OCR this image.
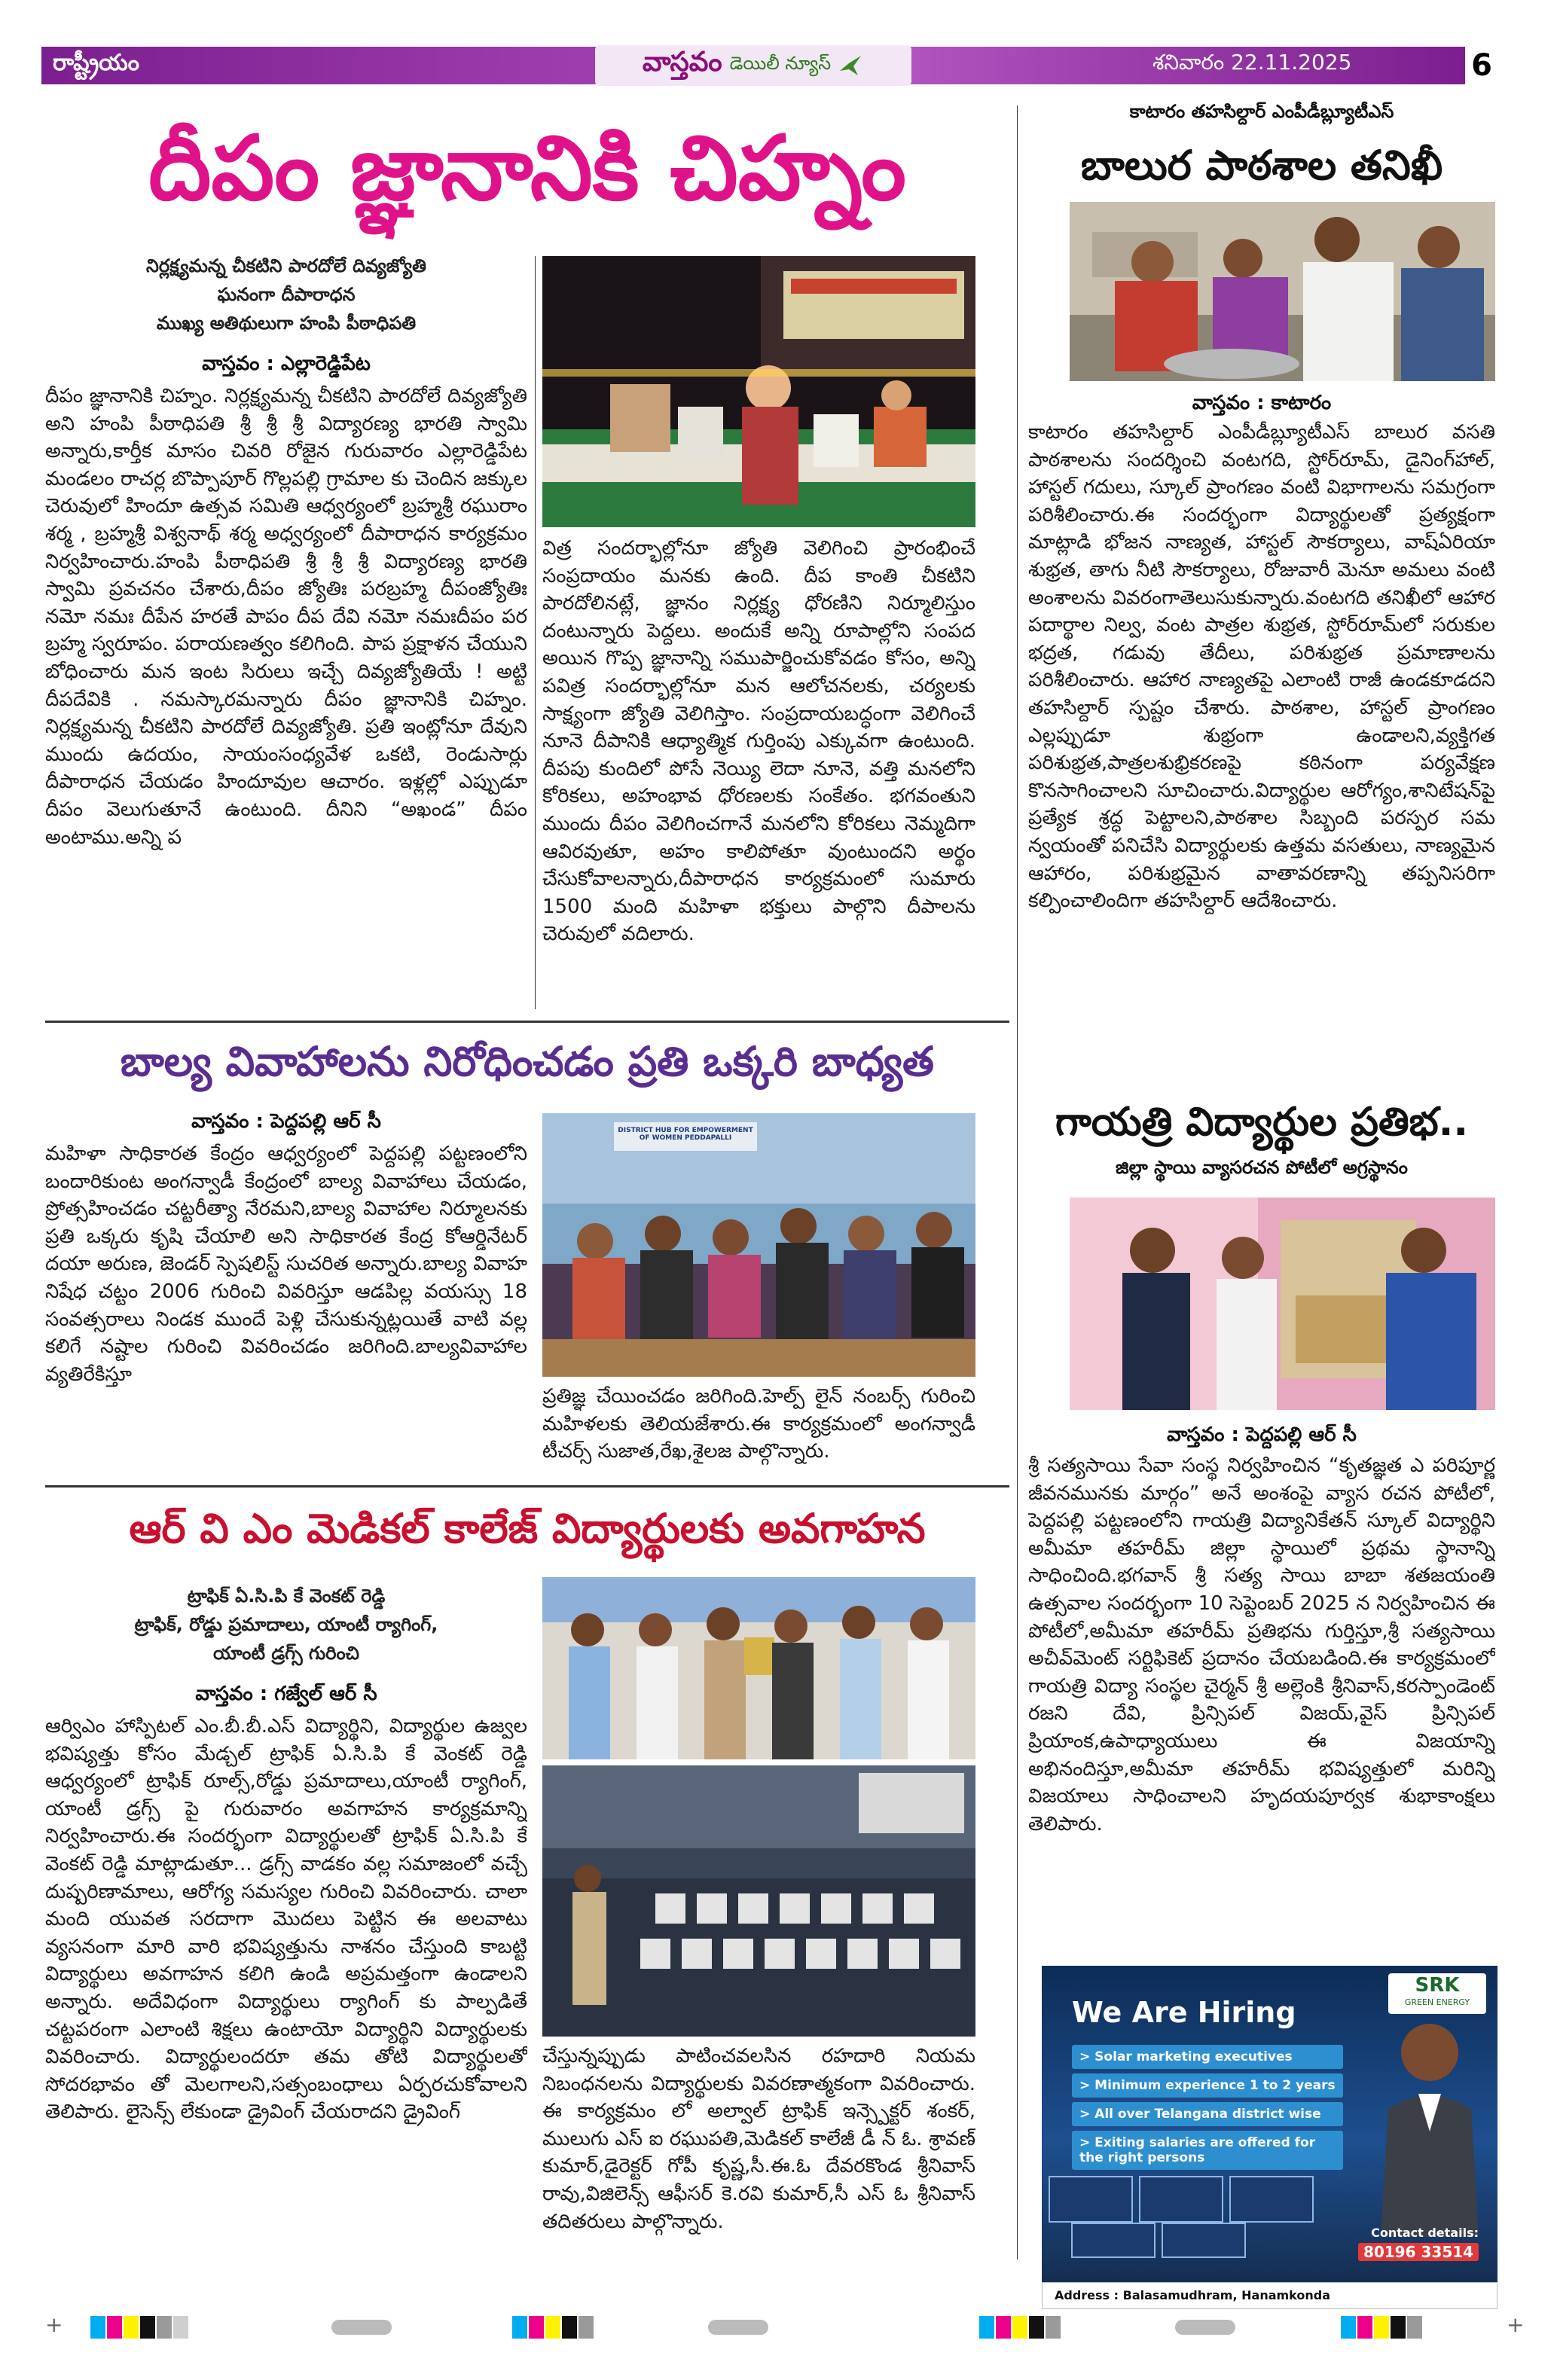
రాష్ట్రీయం	వాస్తవం డెయిలీ న్యూస్	శనివారం 22.11.2025	6
దీపం జ్ఞానానికి చిహ్నం
నిర్లక్ష్యమన్న చీకటిని పారదోలే దివ్యజ్యోతి
ఘనంగా దీపారాధన
ముఖ్య అతిథులుగా హంపి పీఠాధిపతి
వాస్తవం : ఎల్లారెడ్డిపేట
దీపం జ్ఞానానికి చిహ్నం. నిర్లక్ష్యమన్న చీకటిని పారదోలే దివ్యజ్యోతి అని హంపి పీఠాధిపతి శ్రీ శ్రీ శ్రీ విద్యారణ్య భారతి స్వామి అన్నారు,కార్తీక మాసం చివరి రోజైన గురువారం ఎల్లారెడ్డిపేట మండలం రాచర్ల బొప్పాపూర్ గొల్లపల్లి గ్రామాల కు చెందిన జక్కుల చెరువులో హిందూ ఉత్సవ సమితి ఆధ్వర్యంలో బ్రహ్మశ్రీ రఘురాం శర్మ , బ్రహ్మశ్రీ విశ్వనాథ్ శర్మ అధ్వర్యంలో దీపారాధన కార్యక్రమం నిర్వహించారు.హంపి పీఠాధిపతి శ్రీ శ్రీ శ్రీ విద్యారణ్య భారతి స్వామి ప్రవచనం చేశారు,దీపం జ్యోతిః పరబ్రహ్మ దీపంజ్యోతిః నమో నమః దీపేన హరతే పాపం దీప దేవి నమో నమఃదీపం పర బ్రహ్మ స్వరూపం. పరాయణత్వం కలిగింది. పాప ప్రక్షాళన చేయుని బోధించారు మన ఇంట సిరులు ఇచ్చే దివ్యజ్యోతియే ! అట్టి దీపదేవికి . నమస్కారమన్నారు దీపం జ్ఞానానికి చిహ్నం. నిర్లక్ష్యమన్న చీకటిని పారదోలే దివ్యజ్యోతి. ప్రతి ఇంట్లోనూ దేవుని ముందు ఉదయం, సాయంసంధ్యవేళ ఒకటి, రెండుసార్లు దీపారాధన చేయడం హిందూవుల ఆచారం. ఇళ్లల్లో ఎప్పుడూ దీపం వెలుగుతూనే ఉంటుంది. దీనిని “అఖండ” దీపం అంటాము.అన్ని ప
విత్ర సందర్భాల్లోనూ జ్యోతి వెలిగించి ప్రారంభించే సంప్రదాయం మనకు ఉంది. దీప కాంతి చీకటిని పారదోలినట్లే, జ్ఞానం నిర్లక్ష్య ధోరణిని నిర్మూలిస్తుం దంటున్నారు పెద్దలు. అందుకే అన్ని రూపాల్లోని సంపద అయిన గొప్ప జ్ఞానాన్ని సముపార్జించుకోవడం కోసం, అన్ని పవిత్ర సందర్భాల్లోనూ మన ఆలోచనలకు, చర్యలకు సాక్ష్యంగా జ్యోతి వెలిగిస్తాం. సంప్రదాయబద్ధంగా వెలిగించే నూనె దీపానికి ఆధ్యాత్మిక గుర్తింపు ఎక్కువగా ఉంటుంది. దీపపు కుందిలో పోసే నెయ్యి లెదా నూనె, వత్తి మనలోని కోరికలు, అహంభావ ధోరణలకు సంకేతం. భగవంతుని ముందు దీపం వెలిగించగానే మనలోని కోరికలు నెమ్మదిగా ఆవిరవుతూ, అహం కాలిపోతూ వుంటుందని అర్థం చేసుకోవాలన్నారు,దీపారాధన కార్యక్రమంలో సుమారు 1500 మంది మహిళా భక్తులు పాల్గొని దీపాలను చెరువులో వదిలారు.
కాటారం తహసిల్దార్ ఎంపీడీబ్ల్యూటీఎస్
బాలుర పాఠశాల తనిఖీ
వాస్తవం : కాటారం
కాటారం తహసిల్దార్ ఎంపీడీబ్ల్యూటీఎస్ బాలుర వసతి పాఠశాలను సందర్శించి వంటగది, స్టోర్‌రూమ్, డైనింగ్‌హాల్, హాస్టల్ గదులు, స్కూల్ ప్రాంగణం వంటి విభాగాలను సమగ్రంగా పరిశీలించారు.ఈ సందర్భంగా విద్యార్థులతో ప్రత్యక్షంగా మాట్లాడి భోజన నాణ్యత, హాస్టల్ సౌకర్యాలు, వాష్‌ఏరియా శుభ్రత, తాగు నీటి సౌకర్యాలు, రోజువారీ మెనూ అమలు వంటి అంశాలను వివరంగాతెలుసుకున్నారు.వంటగది తనిఖీలో ఆహార పదార్థాల నిల్వ, వంట పాత్రల శుభ్రత, స్టోర్‌రూమ్‌లో సరుకుల భద్రత, గడువు తేదీలు, పరిశుభ్రత ప్రమాణాలను పరిశీలించారు. ఆహార నాణ్యతపై ఎలాంటి రాజీ ఉండకూడదని తహసిల్దార్ స్పష్టం చేశారు. పాఠశాల, హాస్టల్ ప్రాంగణం ఎల్లప్పుడూ శుభ్రంగా ఉండాలని,వ్యక్తిగత పరిశుభ్రత,పాత్రలశుభ్రికరణపై కఠినంగా పర్యవేక్షణ కొనసాగించాలని సూచించారు.విద్యార్థుల ఆరోగ్యం,శానిటేషన్‌పై ప్రత్యేక శ్రద్ధ పెట్టాలని,పాఠశాల సిబ్బంది పరస్పర సమ న్వయంతో పనిచేసి విద్యార్థులకు ఉత్తమ వసతులు, నాణ్యమైన ఆహారం, పరిశుభ్రమైన వాతావరణాన్ని తప్పనిసరిగా కల్పించాలిందిగా తహసిల్దార్ ఆదేశించారు.
బాల్య వివాహాలను నిరోధించడం ప్రతి ఒక్కరి బాధ్యత
వాస్తవం : పెద్దపల్లి ఆర్ సీ
మహిళా సాధికారత కేంద్రం ఆధ్వర్యంలో పెద్దపల్లి పట్టణంలోని బందారికుంట అంగన్వాడీ కేంద్రంలో బాల్య వివాహాలు చేయడం, ప్రోత్సహించడం చట్టరీత్యా నేరమని,బాల్య వివాహాల నిర్మూలనకు ప్రతి ఒక్కరు కృషి చేయాలి అని సాధికారత కేంద్ర కోఆర్డినేటర్ దయా అరుణ, జెండర్ స్పెషలిస్ట్ సుచరిత అన్నారు.బాల్య వివాహ నిషేధ చట్టం 2006 గురించి వివరిస్తూ ఆడపిల్ల వయస్సు 18 సంవత్సరాలు నిండక ముందే పెళ్లి చేసుకున్నట్లయితే వాటి వల్ల కలిగే నష్టాల గురించి వివరించడం జరిగింది.బాల్యవివాహాల వ్యతిరేకిస్తూ
DISTRICT HUB FOR EMPOWERMENT OF WOMEN PEDDAPALLI
ప్రతిజ్ఞ చేయించడం జరిగింది.హెల్ప్ లైన్ నంబర్స్ గురించి మహిళలకు తెలియజేశారు.ఈ కార్యక్రమంలో అంగన్వాడీ టీచర్స్ సుజాత,రేఖ,శైలజ పాల్గొన్నారు.
గాయత్రి విద్యార్థుల ప్రతిభ..
జిల్లా స్థాయి వ్యాసరచన పోటీలో అగ్రస్థానం
వాస్తవం : పెద్దపల్లి ఆర్ సీ
శ్రీ సత్యసాయి సేవా సంస్థ నిర్వహించిన “కృతజ్ఞత ఎ పరిపూర్ణ జీవనమునకు మార్గం” అనే అంశంపై వ్యాస రచన పోటీలో, పెద్దపల్లి పట్టణంలోని గాయత్రి విద్యానికేతన్ స్కూల్ విద్యార్థిని అమీమా తహరీమ్ జిల్లా స్థాయిలో ప్రథమ స్థానాన్ని సాధించింది.భగవాన్ శ్రీ సత్య సాయి బాబా శతజయంతి ఉత్సవాల సందర్భంగా 10 సెప్టెంబర్ 2025 న నిర్వహించిన ఈ పోటీలో,అమీమా తహరీమ్ ప్రతిభను గుర్తిస్తూ,శ్రీ సత్యసాయి అచీవ్‌మెంట్ సర్టిఫికెట్ ప్రదానం చేయబడింది.ఈ కార్యక్రమంలో గాయత్రి విద్యా సంస్థల చైర్మన్ శ్రీ అల్లెంకి శ్రీనివాస్,కరస్పాండెంట్ రజని దేవి, ప్రిన్సిపల్ విజయ్,వైస్ ప్రిన్సిపల్ ప్రియాంక,ఉపాధ్యాయులు ఈ విజయాన్ని అభినందిస్తూ,అమీమా తహరీమ్ భవిష్యత్తులో మరిన్ని విజయాలు సాధించాలని హృదయపూర్వక శుభాకాంక్షలు తెలిపారు.
ఆర్ వి ఎం మెడికల్ కాలేజ్ విద్యార్థులకు అవగాహన
ట్రాఫిక్ ఏ.సి.పి కే వెంకట్ రెడ్డి
ట్రాఫిక్, రోడ్డు ప్రమాదాలు, యాంటీ ర్యాగింగ్,
యాంటీ డ్రగ్స్ గురించి
వాస్తవం : గజ్వేల్ ఆర్ సీ
ఆర్విఎం హాస్పిటల్ ఎం.బీ.బీ.ఎస్ విద్యార్థిని, విద్యార్థుల ఉజ్వల భవిష్యత్తు కోసం మేడ్చల్ ట్రాఫిక్ ఏ.సి.పి కే వెంకట్ రెడ్డి ఆధ్వర్యంలో ట్రాఫిక్ రూల్స్,రోడ్డు ప్రమాదాలు,యాంటీ ర్యాగింగ్, యాంటీ డ్రగ్స్ పై గురువారం అవగాహన కార్యక్రమాన్ని నిర్వహించారు.ఈ సందర్భంగా విద్యార్థులతో ట్రాఫిక్ ఏ.సి.పి కే వెంకట్ రెడ్డి మాట్లాడుతూ... డ్రగ్స్ వాడకం వల్ల సమాజంలో వచ్చే దుష్పరిణామాలు, ఆరోగ్య సమస్యల గురించి వివరించారు. చాలా మంది యువత సరదాగా మొదలు పెట్టిన ఈ అలవాటు వ్యసనంగా మారి వారి భవిష్యత్తును నాశనం చేస్తుంది కాబట్టి విద్యార్థులు అవగాహన కలిగి ఉండి అప్రమత్తంగా ఉండాలని అన్నారు. అదేవిధంగా విద్యార్థులు ర్యాగింగ్ కు పాల్పడితే చట్టపరంగా ఎలాంటి శిక్షలు ఉంటాయో విద్యార్థిని విద్యార్థులకు వివరించారు. విద్యార్థులందరూ తమ తోటి విద్యార్థులతో సోదరభావం తో మెలగాలని,సత్సంబంధాలు ఏర్పరచుకోవాలని తెలిపారు. లైసెన్స్ లేకుండా డ్రైవింగ్ చేయరాదని డ్రైవింగ్
చేస్తున్నప్పుడు పాటించవలసిన రహదారి నియమ నిబంధనలను విద్యార్థులకు వివరణాత్మకంగా వివరించారు. ఈ కార్యక్రమం లో అల్వాల్ ట్రాఫిక్ ఇన్స్పెక్టర్ శంకర్, ములుగు ఎస్ ఐ రఘుపతి,మెడికల్ కాలేజీ డీ న్ ఓ. శ్రావణ్ కుమార్,డైరెక్టర్ గోపీ కృష్ణ,సీ.ఈ.ఓ దేవరకొండ శ్రీనివాస్ రావు,విజిలెన్స్ ఆఫీసర్ కె.రవి కుమార్,సీ ఎస్ ఓ శ్రీనివాస్ తదితరులు పాల్గొన్నారు.
SRK
GREEN ENERGY
We Are Hiring
> Solar marketing executives
> Minimum experience 1 to 2 years
> All over Telangana district wise
> Exiting salaries are offered for the right persons
Contact details:
80196 33514
Address : Balasamudhram, Hanamkonda
+	+
